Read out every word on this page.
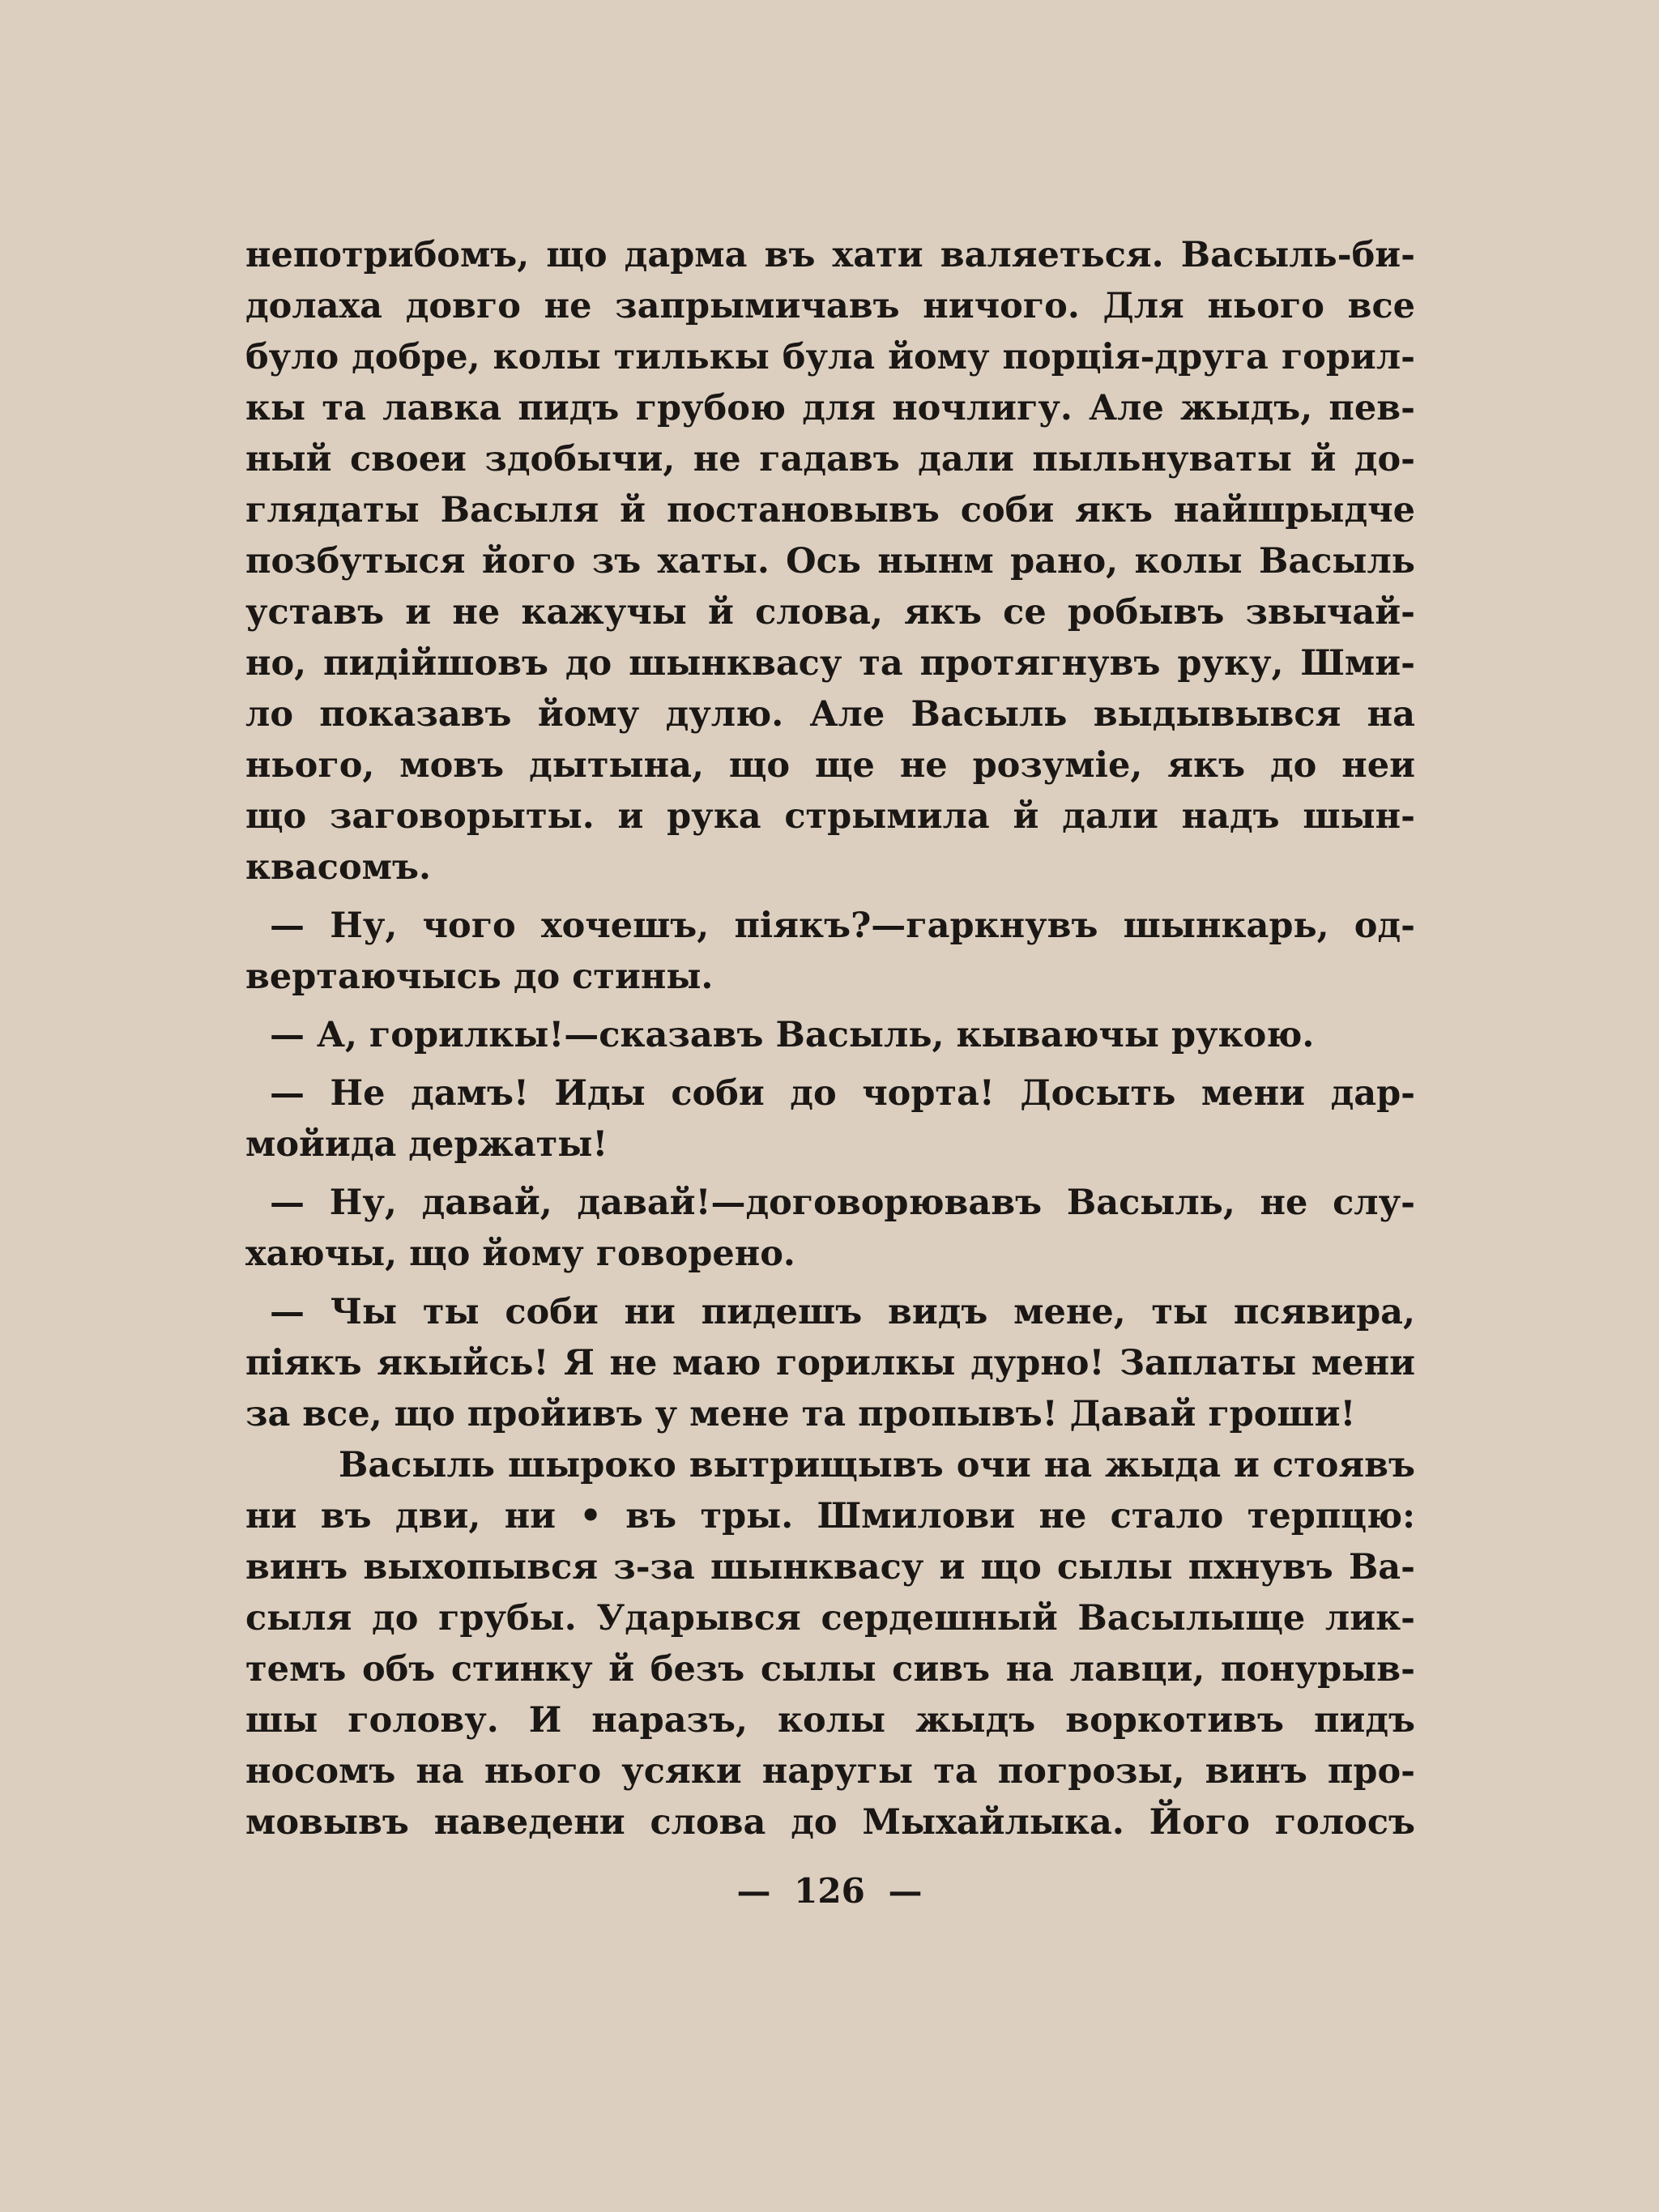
непотрибомъ, що дарма въ хати валяеться. Васыль-би-
долаха довго не запрымичавъ ничого. Для нього все
було добре, колы тилькы була йому порція-друга горил-
кы та лавка пидъ грубою для ночлигу. Але жыдъ, пев-
ный своеи здобычи, не гадавъ дали пыльнуваты й до-
глядаты Васыля й постановывъ соби якъ найшрыдче
позбутыся його зъ хаты. Ось нынм рано, колы Васыль
уставъ и не кажучы й слова, якъ се робывъ звычай-
но, пидійшовъ до шынквасу та протягнувъ руку, Шми-
ло показавъ йому дулю. Але Васыль выдывывся на
нього, мовъ дытына, що ще не розуміе, якъ до неи
що заговорыты. и рука стрымила й дали надъ шын-
квасомъ.
— Ну, чого хочешъ, піякъ?—гаркнувъ шынкарь, од-
вертаючысь до стины.
— А, горилкы!—сказавъ Васыль, кываючы рукою.
— Не дамъ! Иды соби до чорта! Досыть мени дар-
мойида держаты!
— Ну, давай, давай!—договорювавъ Васыль, не слу-
хаючы, що йому говорено.
— Чы ты соби ни пидешъ видъ мене, ты псявира,
піякъ якыйсь! Я не маю горилкы дурно! Заплаты мени
за все, що пройивъ у мене та пропывъ! Давай гроши!
Васыль шыроко вытрищывъ очи на жыда и стоявъ
ни въ дви, ни • въ тры. Шмилови не стало терпцю:
винъ выхопывся з-за шынквасу и що сылы пхнувъ Ва-
сыля до грубы. Ударывся сердешный Васылыще лик-
темъ объ стинку й безъ сылы сивъ на лавци, понурыв-
шы голову. И наразъ, колы жыдъ воркотивъ пидъ
носомъ на нього усяки наругы та погрозы, винъ про-
мовывъ наведени слова до Мыхайлыка. Його голосъ
— 126 —
